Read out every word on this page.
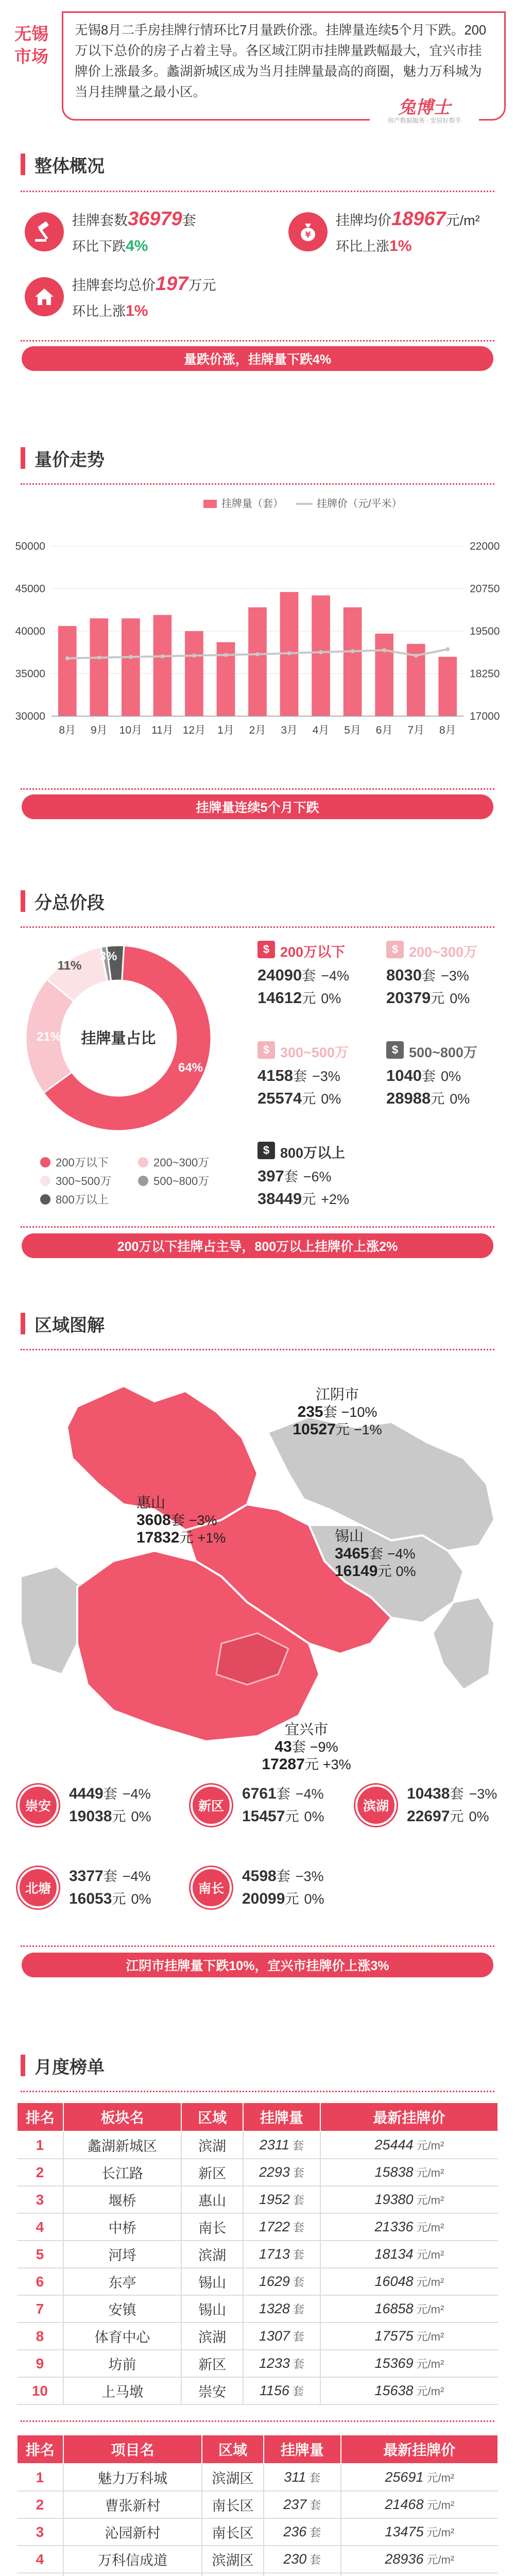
无锡
市场
无锡8月二手房挂牌行情环比7月量跌价涨。挂牌量连续5个月下跌。200万以下总价的房子占着主导。各区域江阴市挂牌量跌幅最大，宜兴市挂牌价上涨最多。蠡湖新城区成为当月挂牌量最高的商圈，魅力万科城为当月挂牌量之最小区。
兔博士
房产数据服务 · 安居好帮手
整体概况
挂牌套数36979套
环比下跌4%
¥
挂牌均价18967元/m²
环比上涨1%
挂牌套均总价197万元
环比上涨1%
量跌价涨，挂牌量下跌4%
量价走势
挂牌量（套）	挂牌价（元/平米）
30000
35000
40000
45000
50000
17000
18250
19500
20750
22000
8月 9月 10月 11月 12月 1月 2月 3月 4月 5月 6月 7月 8月
挂牌量连续5个月下跌
分总价段
64%
21%
11%
3%
挂牌量占比
200万以下	200~300万
300~500万	500~800万
800万以上
$ 200万以下
24090套 −4%
14612元 0%
$ 200~300万
8030套 −3%
20379元 0%
$ 300~500万
4158套 −3%
25574元 0%
$ 500~800万
1040套 0%
28988元 0%
$ 800万以上
397套 −6%
38449元 +2%
200万以下挂牌占主导，800万以上挂牌价上涨2%
区域图解
江阴市
235套 −10%
10527元 −1%
惠山
3608套 −3%
17832元 +1%	锡山
3465套 −4%
16149元 0%
宜兴市
43套 −9%
17287元 +3%
崇安
4449套 −4%
19038元 0%
新区
6761套 −4%
15457元 0%
滨湖
10438套 −3%
22697元 0%
北塘
3377套 −4%
16053元 0%
南长
4598套 −3%
20099元 0%
江阴市挂牌量下跌10%，宜兴市挂牌价上涨3%
月度榜单
排名	板块名	区域	挂牌量	最新挂牌价
1	蠡湖新城区	滨湖	2311 套	25444 元/m²
2	长江路	新区	2293 套	15838 元/m²
3	堰桥	惠山	1952 套	19380 元/m²
4	中桥	南长	1722 套	21336 元/m²
5	河埒	滨湖	1713 套	18134 元/m²
6	东亭	锡山	1629 套	16048 元/m²
7	安镇	锡山	1328 套	16858 元/m²
8	体育中心	滨湖	1307 套	17575 元/m²
9	坊前	新区	1233 套	15369 元/m²
10	上马墩	崇安	1156 套	15638 元/m²
排名	项目名	区域	挂牌量	最新挂牌价
1	魅力万科城	滨湖区	311 套	25691 元/m²
2	曹张新村	南长区	237 套	21468 元/m²
3	沁园新村	南长区	236 套	13475 元/m²
4	万科信成道	滨湖区	230 套	28936 元/m²
